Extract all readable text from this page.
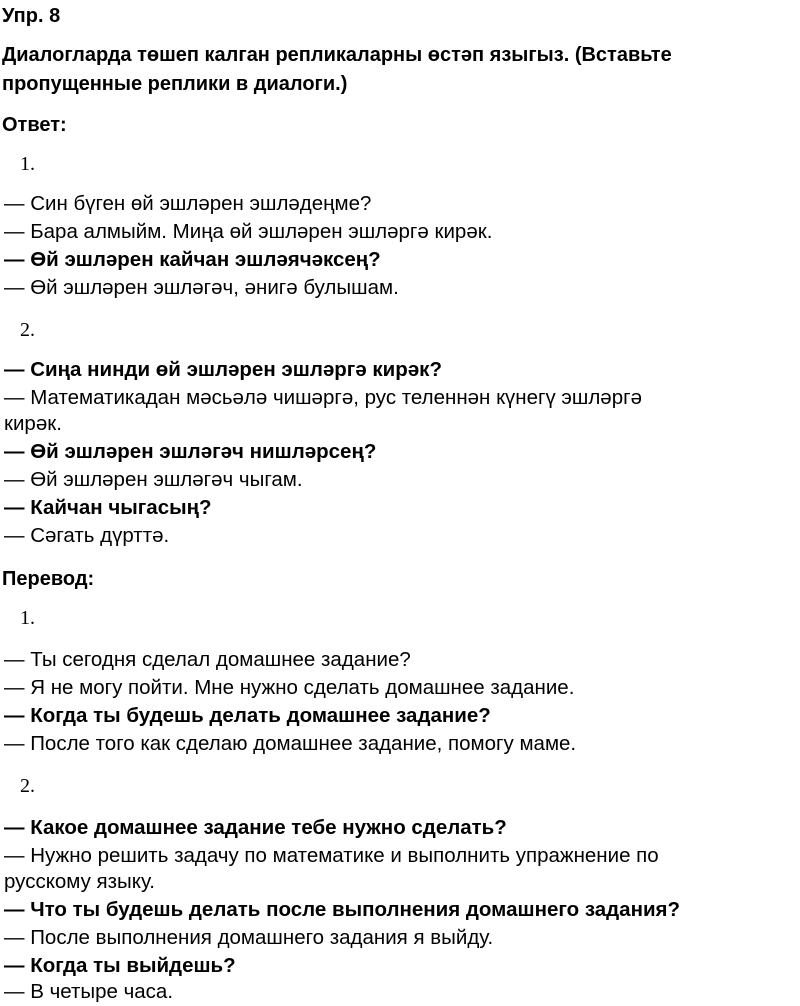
Упр. 8

Диалогларда төшеп калган репликаларны өстәп языгыз. (Вставьте

пропущенные реплики в диалоги.)

Ответ:

1.

— Син бүген өй эшләрен эшләдеңме?

— Бара алмыйм. Миңа өй эшләрен эшләргә кирәк.

— Өй эшләрен кайчан эшләячәксең?

— Өй эшләрен эшләгәч, әнигә булышам.

2.

— Сиңа нинди өй эшләрен эшләргә кирәк?

— Математикадан мәсьәлә чишәргә, рус теленнән күнегү эшләргә

кирәк.

— Өй эшләрен эшләгәч нишләрсең?

— Өй эшләрен эшләгәч чыгам.

— Кайчан чыгасың?

— Сәгать дүрттә.

Перевод:

1.

— Ты сегодня сделал домашнее задание?

— Я не могу пойти. Мне нужно сделать домашнее задание.

— Когда ты будешь делать домашнее задание?

— После того как сделаю домашнее задание, помогу маме.

2.

— Какое домашнее задание тебе нужно сделать?

— Нужно решить задачу по математике и выполнить упражнение по

русскому языку.

— Что ты будешь делать после выполнения домашнего задания?

— После выполнения домашнего задания я выйду.

— Когда ты выйдешь?

— В четыре часа.
